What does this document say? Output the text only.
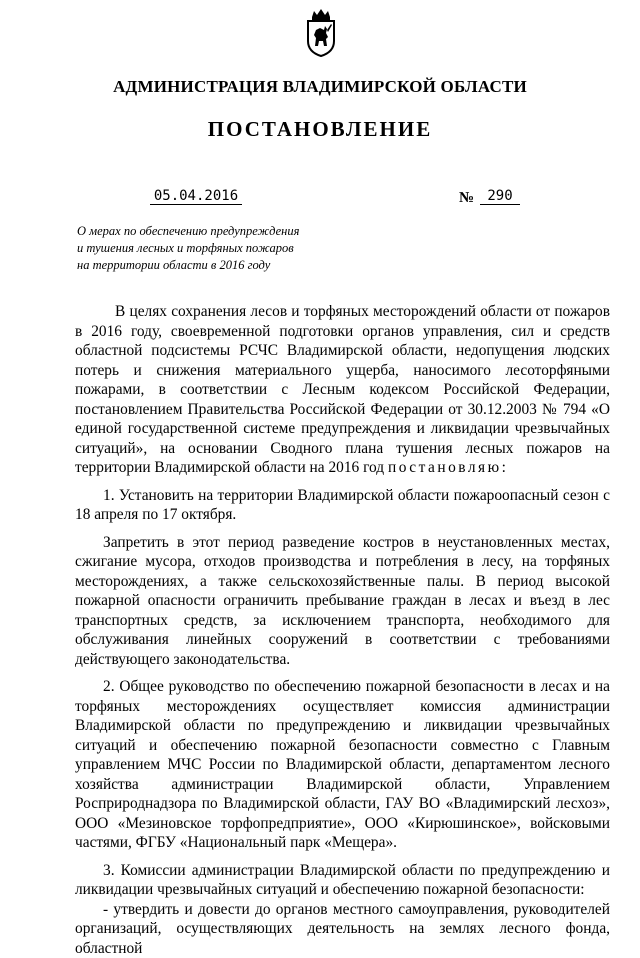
АДМИНИСТРАЦИЯ ВЛАДИМИРСКОЙ ОБЛАСТИ
ПОСТАНОВЛЕНИЕ
05.04.2016	№ 290
О мерах по обеспечению предупреждения
и тушения лесных и торфяных пожаров
на территории области в 2016 году

В целях сохранения лесов и торфяных месторождений области от пожаров в 2016 году, своевременной подготовки органов управления, сил и средств областной подсистемы РСЧС Владимирской области, недопущения людских потерь и снижения материального ущерба, наносимого лесоторфяными пожарами, в соответствии с Лесным кодексом Российской Федерации, постановлением Правительства Российской Федерации от 30.12.2003 № 794 «О единой государственной системе предупреждения и ликвидации чрезвычайных ситуаций», на основании Сводного плана тушения лесных пожаров на территории Владимирской области на 2016 год постановляю:

1. Установить на территории Владимирской области пожароопасный сезон с 18 апреля по 17 октября.

Запретить в этот период разведение костров в неустановленных местах, сжигание мусора, отходов производства и потребления в лесу, на торфяных месторождениях, а также сельскохозяйственные палы. В период высокой пожарной опасности ограничить пребывание граждан в лесах и въезд в лес транспортных средств, за исключением транспорта, необходимого для обслуживания линейных сооружений в соответствии с требованиями действующего законодательства.

2. Общее руководство по обеспечению пожарной безопасности в лесах и на торфяных месторождениях осуществляет комиссия администрации Владимирской области по предупреждению и ликвидации чрезвычайных ситуаций и обеспечению пожарной безопасности совместно с Главным управлением МЧС России по Владимирской области, департаментом лесного хозяйства администрации Владимирской области, Управлением Росприроднадзора по Владимирской области, ГАУ ВО «Владимирский лесхоз», ООО «Мезиновское торфопредприятие», ООО «Кирюшинское», войсковыми частями, ФГБУ «Национальный парк «Мещера».

3. Комиссии администрации Владимирской области по предупреждению и ликвидации чрезвычайных ситуаций и обеспечению пожарной безопасности:

- утвердить и довести до органов местного самоуправления, руководителей организаций, осуществляющих деятельность на землях лесного фонда, областной
